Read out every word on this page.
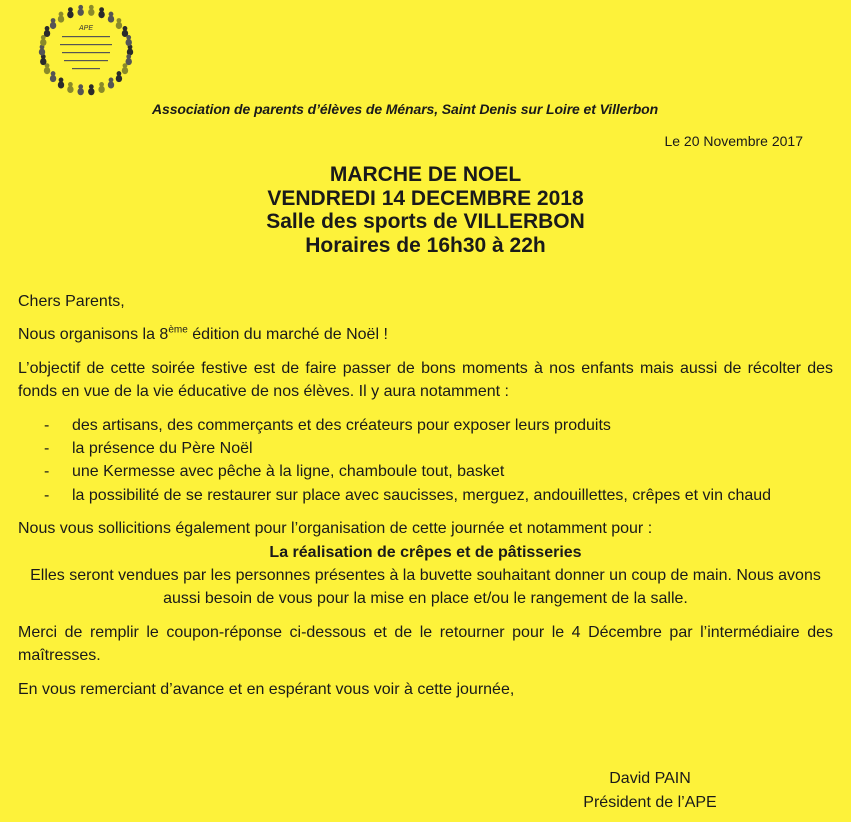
APE
Association de parents d’élèves de Ménars, Saint Denis sur Loire et Villerbon
Le 20 Novembre 2017
MARCHE DE NOEL
VENDREDI 14 DECEMBRE 2018
Salle des sports de VILLERBON
Horaires de 16h30 à 22h

Chers Parents,

Nous organisons la 8ème édition du marché de Noël !

L’objectif de cette soirée festive est de faire passer de bons moments à nos enfants mais aussi de récolter des fonds en vue de la vie éducative de nos élèves. Il y aura notamment :

- des artisans, des commerçants et des créateurs pour exposer leurs produits
- la présence du Père Noël
- une Kermesse avec pêche à la ligne, chamboule tout, basket
- la possibilité de se restaurer sur place avec saucisses, merguez, andouillettes, crêpes et vin chaud

Nous vous sollicitions également pour l’organisation de cette journée et notamment pour :

La réalisation de crêpes et de pâtisseries

Elles seront vendues par les personnes présentes à la buvette souhaitant donner un coup de main. Nous avons aussi besoin de vous pour la mise en place et/ou le rangement de la salle.

Merci de remplir le coupon-réponse ci-dessous et de le retourner pour le 4 Décembre par l’intermédiaire des maîtresses.

En vous remerciant d’avance et en espérant vous voir à cette journée,

David PAIN
Président de l’APE
